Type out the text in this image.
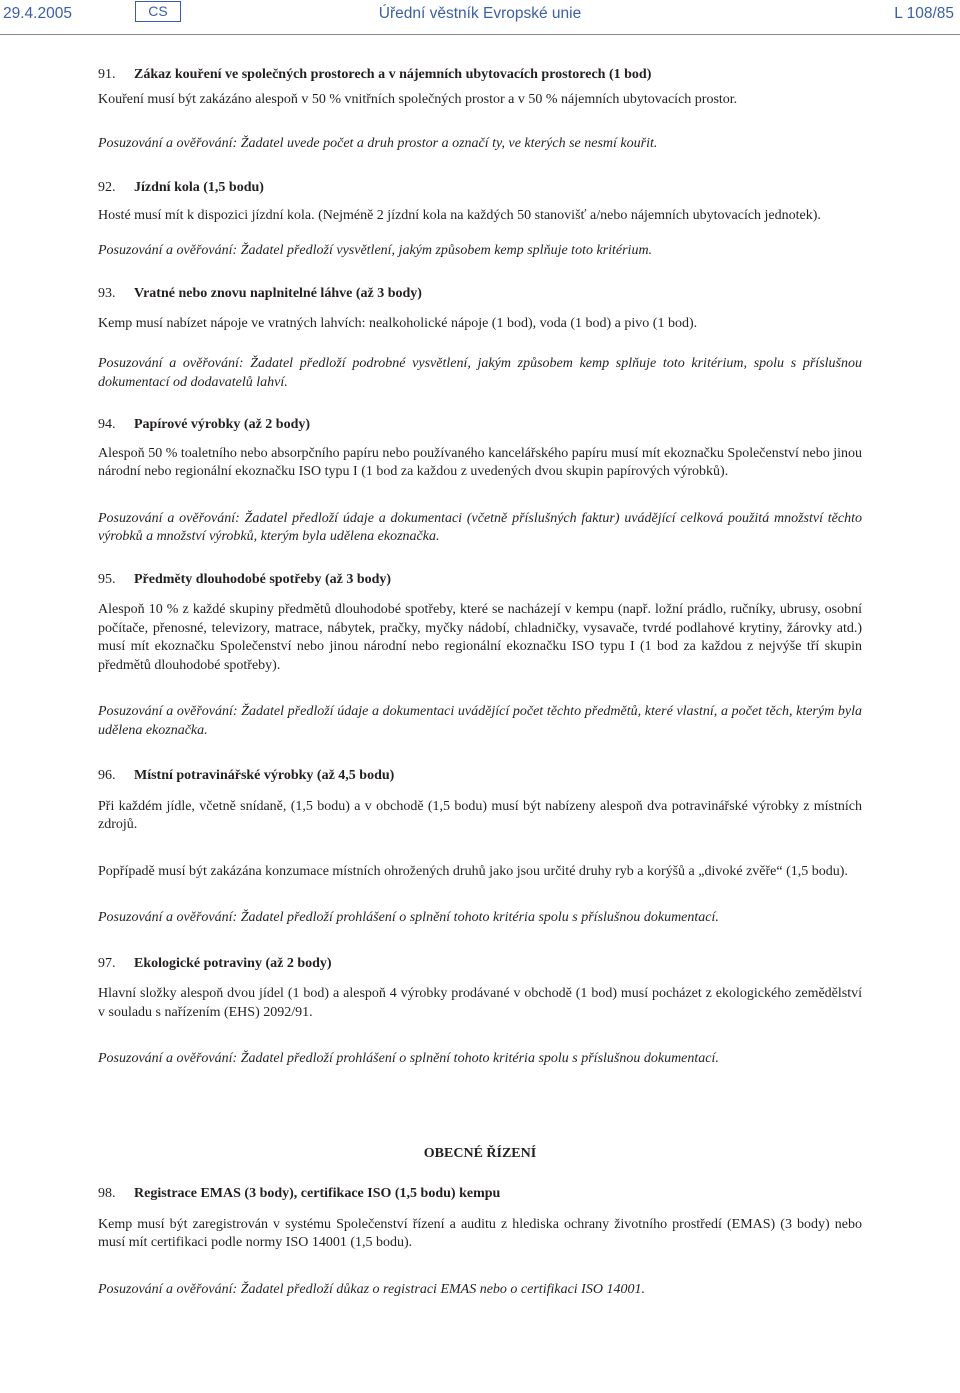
29.4.2005	CS	Úřední věstník Evropské unie	L 108/85

91. Zákaz kouření ve společných prostorech a v nájemních ubytovacích prostorech (1 bod)

Kouření musí být zakázáno alespoň v 50 % vnitřních společných prostor a v 50 % nájemních ubytovacích prostor.

Posuzování a ověřování: Žadatel uvede počet a druh prostor a označí ty, ve kterých se nesmí kouřit.

92. Jízdní kola (1,5 bodu)

Hosté musí mít k dispozici jízdní kola. (Nejméně 2 jízdní kola na každých 50 stanovišť a/nebo nájemních ubytovacích jednotek).

Posuzování a ověřování: Žadatel předloží vysvětlení, jakým způsobem kemp splňuje toto kritérium.

93. Vratné nebo znovu naplnitelné láhve (až 3 body)

Kemp musí nabízet nápoje ve vratných lahvích: nealkoholické nápoje (1 bod), voda (1 bod) a pivo (1 bod).

Posuzování a ověřování: Žadatel předloží podrobné vysvětlení, jakým způsobem kemp splňuje toto kritérium, spolu s příslušnou dokumentací od dodavatelů lahví.

94. Papírové výrobky (až 2 body)

Alespoň 50 % toaletního nebo absorpčního papíru nebo používaného kancelářského papíru musí mít ekoznačku Společenství nebo jinou národní nebo regionální ekoznačku ISO typu I (1 bod za každou z uvedených dvou skupin papírových výrobků).

Posuzování a ověřování: Žadatel předloží údaje a dokumentaci (včetně příslušných faktur) uvádějící celková použitá množství těchto výrobků a množství výrobků, kterým byla udělena ekoznačka.

95. Předměty dlouhodobé spotřeby (až 3 body)

Alespoň 10 % z každé skupiny předmětů dlouhodobé spotřeby, které se nacházejí v kempu (např. ložní prádlo, ručníky, ubrusy, osobní počítače, přenosné, televizory, matrace, nábytek, pračky, myčky nádobí, chladničky, vysavače, tvrdé podlahové krytiny, žárovky atd.) musí mít ekoznačku Společenství nebo jinou národní nebo regionální ekoznačku ISO typu I (1 bod za každou z nejvýše tří skupin předmětů dlouhodobé spotřeby).

Posuzování a ověřování: Žadatel předloží údaje a dokumentaci uvádějící počet těchto předmětů, které vlastní, a počet těch, kterým byla udělena ekoznačka.

96. Místní potravinářské výrobky (až 4,5 bodu)

Při každém jídle, včetně snídaně, (1,5 bodu) a v obchodě (1,5 bodu) musí být nabízeny alespoň dva potravinářské výrobky z místních zdrojů.

Popřípadě musí být zakázána konzumace místních ohrožených druhů jako jsou určité druhy ryb a korýšů a „divoké zvěře“ (1,5 bodu).

Posuzování a ověřování: Žadatel předloží prohlášení o splnění tohoto kritéria spolu s příslušnou dokumentací.

97. Ekologické potraviny (až 2 body)

Hlavní složky alespoň dvou jídel (1 bod) a alespoň 4 výrobky prodávané v obchodě (1 bod) musí pocházet z ekologického zemědělství v souladu s nařízením (EHS) 2092/91.

Posuzování a ověřování: Žadatel předloží prohlášení o splnění tohoto kritéria spolu s příslušnou dokumentací.

OBECNÉ ŘÍZENÍ

98. Registrace EMAS (3 body), certifikace ISO (1,5 bodu) kempu

Kemp musí být zaregistrován v systému Společenství řízení a auditu z hlediska ochrany životního prostředí (EMAS) (3 body) nebo musí mít certifikaci podle normy ISO 14001 (1,5 bodu).

Posuzování a ověřování: Žadatel předloží důkaz o registraci EMAS nebo o certifikaci ISO 14001.
